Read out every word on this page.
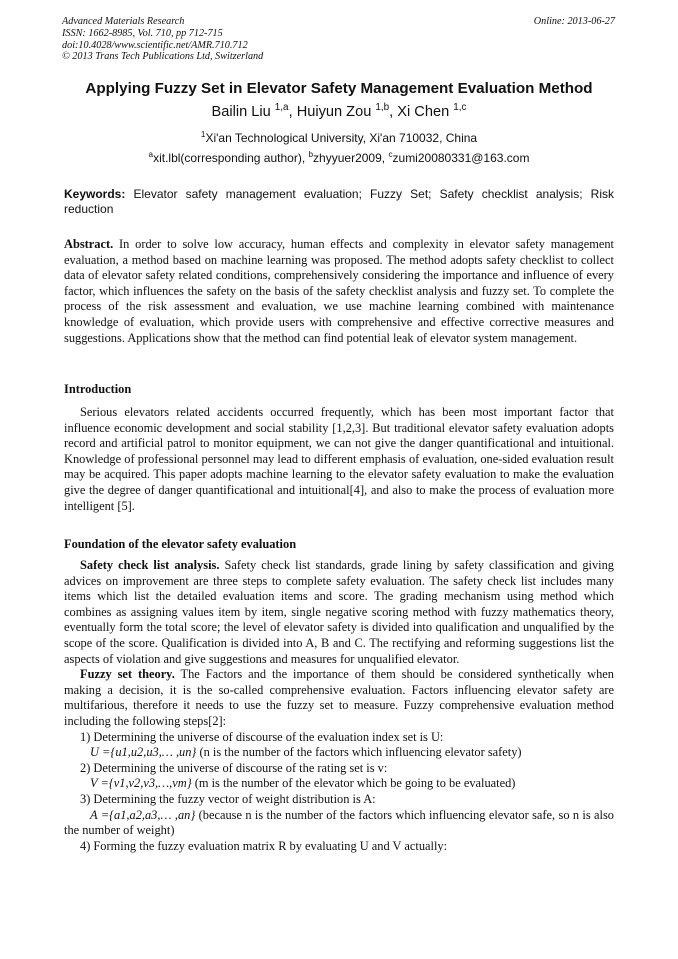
Advanced Materials Research
ISSN: 1662-8985, Vol. 710, pp 712-715
doi:10.4028/www.scientific.net/AMR.710.712
© 2013 Trans Tech Publications Ltd, Switzerland
Online: 2013-06-27
Applying Fuzzy Set in Elevator Safety Management Evaluation Method
Bailin Liu $^{1,a}$, Huiyun Zou $^{1,b}$, Xi Chen $^{1,c}$
$^1$Xi'an Technological University, Xi'an 710032, China
$^a$xit.lbl(corresponding author), $^b$zhyyuer2009, $^c$zumi20080331@163.com
Keywords: Elevator safety management evaluation; Fuzzy Set; Safety checklist analysis; Risk reduction
Abstract. In order to solve low accuracy, human effects and complexity in elevator safety management evaluation, a method based on machine learning was proposed. The method adopts safety checklist to collect data of elevator safety related conditions, comprehensively considering the importance and influence of every factor, which influences the safety on the basis of the safety checklist analysis and fuzzy set. To complete the process of the risk assessment and evaluation, we use machine learning combined with maintenance knowledge of evaluation, which provide users with comprehensive and effective corrective measures and suggestions. Applications show that the method can find potential leak of elevator system management.
Introduction

Serious elevators related accidents occurred frequently, which has been most important factor that influence economic development and social stability [1,2,3]. But traditional elevator safety evaluation adopts record and artificial patrol to monitor equipment, we can not give the danger quantificational and intuitional. Knowledge of professional personnel may lead to different emphasis of evaluation, one-sided evaluation result may be acquired. This paper adopts machine learning to the elevator safety evaluation to make the evaluation give the degree of danger quantificational and intuitional[4], and also to make the process of evaluation more intelligent [5].

Foundation of the elevator safety evaluation

Safety check list analysis. Safety check list standards, grade lining by safety classification and giving advices on improvement are three steps to complete safety evaluation. The safety check list includes many items which list the detailed evaluation items and score. The grading mechanism using method which combines as assigning values item by item, single negative scoring method with fuzzy mathematics theory, eventually form the total score; the level of elevator safety is divided into qualification and unqualified by the scope of the score. Qualification is divided into A, B and C. The rectifying and reforming suggestions list the aspects of violation and give suggestions and measures for unqualified elevator.

Fuzzy set theory. The Factors and the importance of them should be considered synthetically when making a decision, it is the so-called comprehensive evaluation. Factors influencing elevator safety are multifarious, therefore it needs to use the fuzzy set to measure. Fuzzy comprehensive evaluation method including the following steps[2]:

1) Determining the universe of discourse of the evaluation index set is U:
U ={u1,u2,u3,… ,un} (n is the number of the factors which influencing elevator safety)
2) Determining the universe of discourse of the rating set is v:
V ={v1,v2,v3,…,vm} (m is the number of the elevator which be going to be evaluated)
3) Determining the fuzzy vector of weight distribution is A:
A ={a1,a2,a3,… ,an} (because n is the number of the factors which influencing elevator safe, so n is also the number of weight)
4) Forming the fuzzy evaluation matrix R by evaluating U and V actually:
